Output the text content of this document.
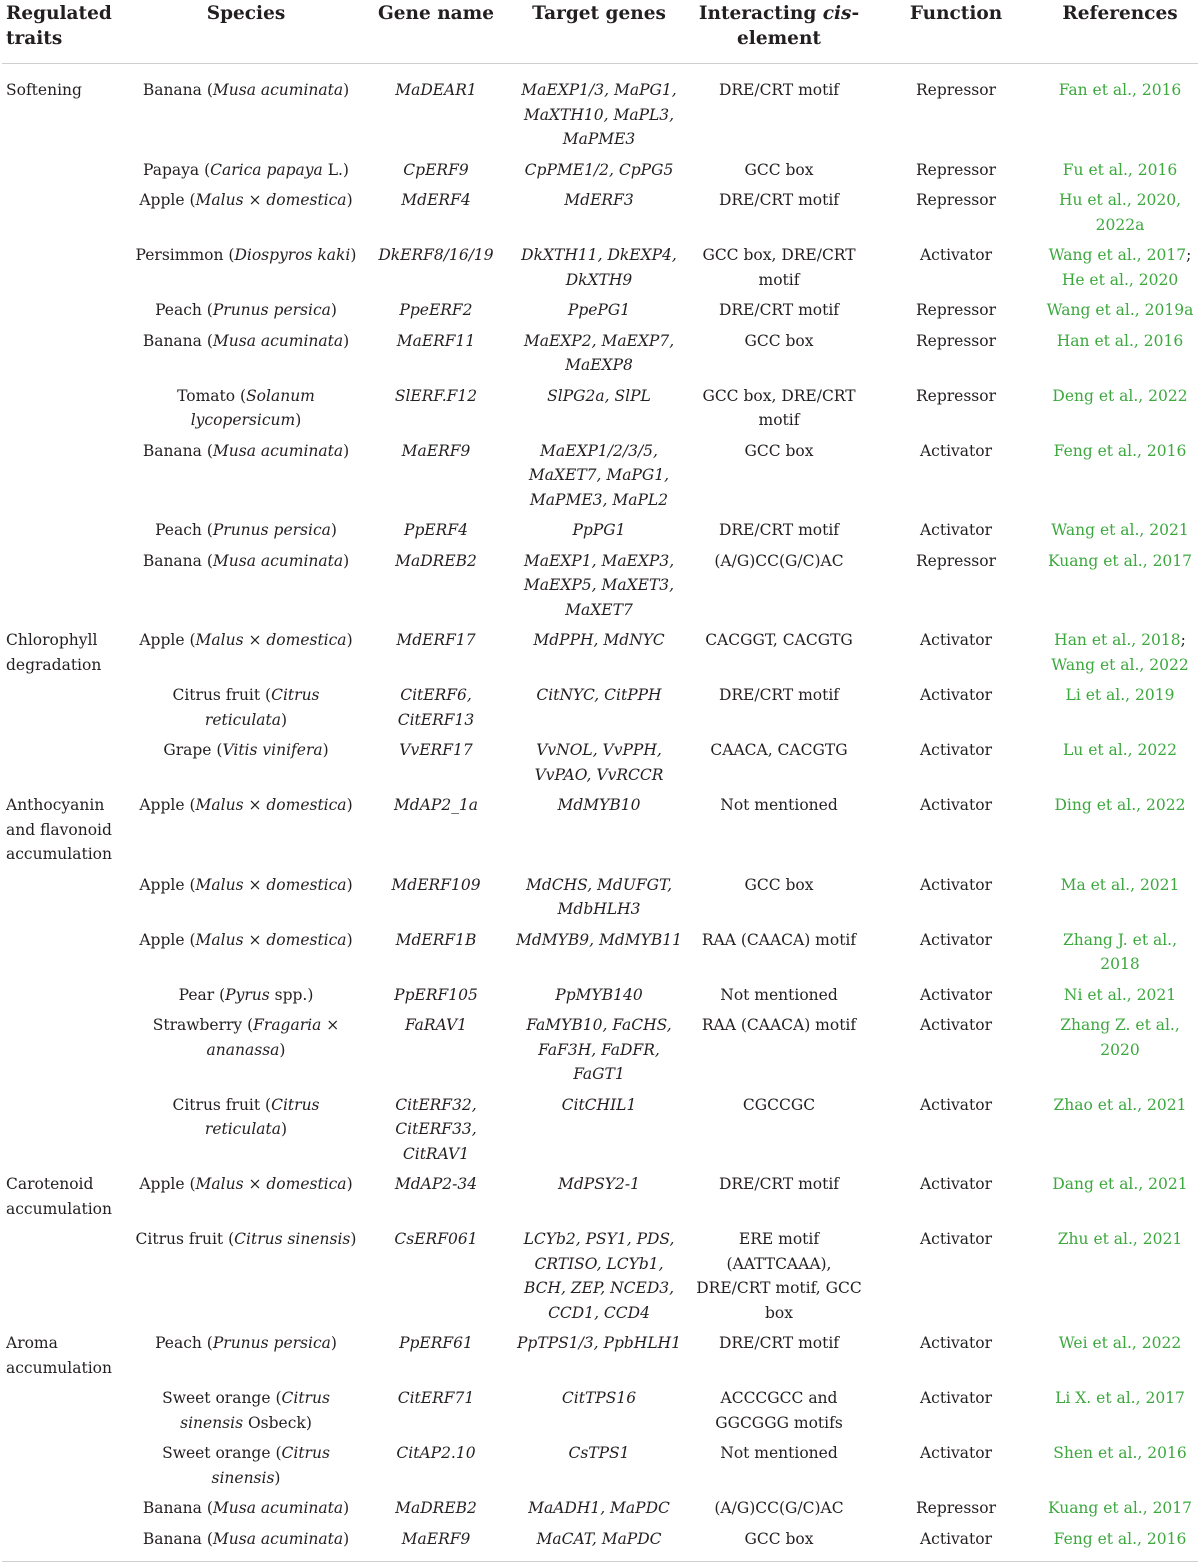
Regulated traits	Species	Gene name	Target genes	Interacting cis-element	Function	References
Softening	Banana (Musa acuminata)	MaDEAR1	MaEXP1/3, MaPG1, MaXTH10, MaPL3, MaPME3	DRE/CRT motif	Repressor	Fan et al., 2016
	Papaya (Carica papaya L.)	CpERF9	CpPME1/2, CpPG5	GCC box	Repressor	Fu et al., 2016
	Apple (Malus × domestica)	MdERF4	MdERF3	DRE/CRT motif	Repressor	Hu et al., 2020, 2022a
	Persimmon (Diospyros kaki)	DkERF8/16/19	DkXTH11, DkEXP4, DkXTH9	GCC box, DRE/CRT motif	Activator	Wang et al., 2017; He et al., 2020
	Peach (Prunus persica)	PpeERF2	PpePG1	DRE/CRT motif	Repressor	Wang et al., 2019a
	Banana (Musa acuminata)	MaERF11	MaEXP2, MaEXP7, MaEXP8	GCC box	Repressor	Han et al., 2016
	Tomato (Solanum lycopersicum)	SlERF.F12	SlPG2a, SlPL	GCC box, DRE/CRT motif	Repressor	Deng et al., 2022
	Banana (Musa acuminata)	MaERF9	MaEXP1/2/3/5, MaXET7, MaPG1, MaPME3, MaPL2	GCC box	Activator	Feng et al., 2016
	Peach (Prunus persica)	PpERF4	PpPG1	DRE/CRT motif	Activator	Wang et al., 2021
	Banana (Musa acuminata)	MaDREB2	MaEXP1, MaEXP3, MaEXP5, MaXET3, MaXET7	(A/G)CC(G/C)AC	Repressor	Kuang et al., 2017
Chlorophyll degradation	Apple (Malus × domestica)	MdERF17	MdPPH, MdNYC	CACGGT, CACGTG	Activator	Han et al., 2018; Wang et al., 2022
	Citrus fruit (Citrus reticulata)	CitERF6, CitERF13	CitNYC, CitPPH	DRE/CRT motif	Activator	Li et al., 2019
	Grape (Vitis vinifera)	VvERF17	VvNOL, VvPPH, VvPAO, VvRCCR	CAACA, CACGTG	Activator	Lu et al., 2022
Anthocyanin and flavonoid accumulation	Apple (Malus × domestica)	MdAP2_1a	MdMYB10	Not mentioned	Activator	Ding et al., 2022
	Apple (Malus × domestica)	MdERF109	MdCHS, MdUFGT, MdbHLH3	GCC box	Activator	Ma et al., 2021
	Apple (Malus × domestica)	MdERF1B	MdMYB9, MdMYB11	RAA (CAACA) motif	Activator	Zhang J. et al., 2018
	Pear (Pyrus spp.)	PpERF105	PpMYB140	Not mentioned	Activator	Ni et al., 2021
	Strawberry (Fragaria × ananassa)	FaRAV1	FaMYB10, FaCHS, FaF3H, FaDFR, FaGT1	RAA (CAACA) motif	Activator	Zhang Z. et al., 2020
	Citrus fruit (Citrus reticulata)	CitERF32, CitERF33, CitRAV1	CitCHIL1	CGCCGC	Activator	Zhao et al., 2021
Carotenoid accumulation	Apple (Malus × domestica)	MdAP2-34	MdPSY2-1	DRE/CRT motif	Activator	Dang et al., 2021
	Citrus fruit (Citrus sinensis)	CsERF061	LCYb2, PSY1, PDS, CRTISO, LCYb1, BCH, ZEP, NCED3, CCD1, CCD4	ERE motif (AATTCAAA), DRE/CRT motif, GCC box	Activator	Zhu et al., 2021
Aroma accumulation	Peach (Prunus persica)	PpERF61	PpTPS1/3, PpbHLH1	DRE/CRT motif	Activator	Wei et al., 2022
	Sweet orange (Citrus sinensis Osbeck)	CitERF71	CitTPS16	ACCCGCC and GGCGGG motifs	Activator	Li X. et al., 2017
	Sweet orange (Citrus sinensis)	CitAP2.10	CsTPS1	Not mentioned	Activator	Shen et al., 2016
	Banana (Musa acuminata)	MaDREB2	MaADH1, MaPDC	(A/G)CC(G/C)AC	Repressor	Kuang et al., 2017
	Banana (Musa acuminata)	MaERF9	MaCAT, MaPDC	GCC box	Activator	Feng et al., 2016
